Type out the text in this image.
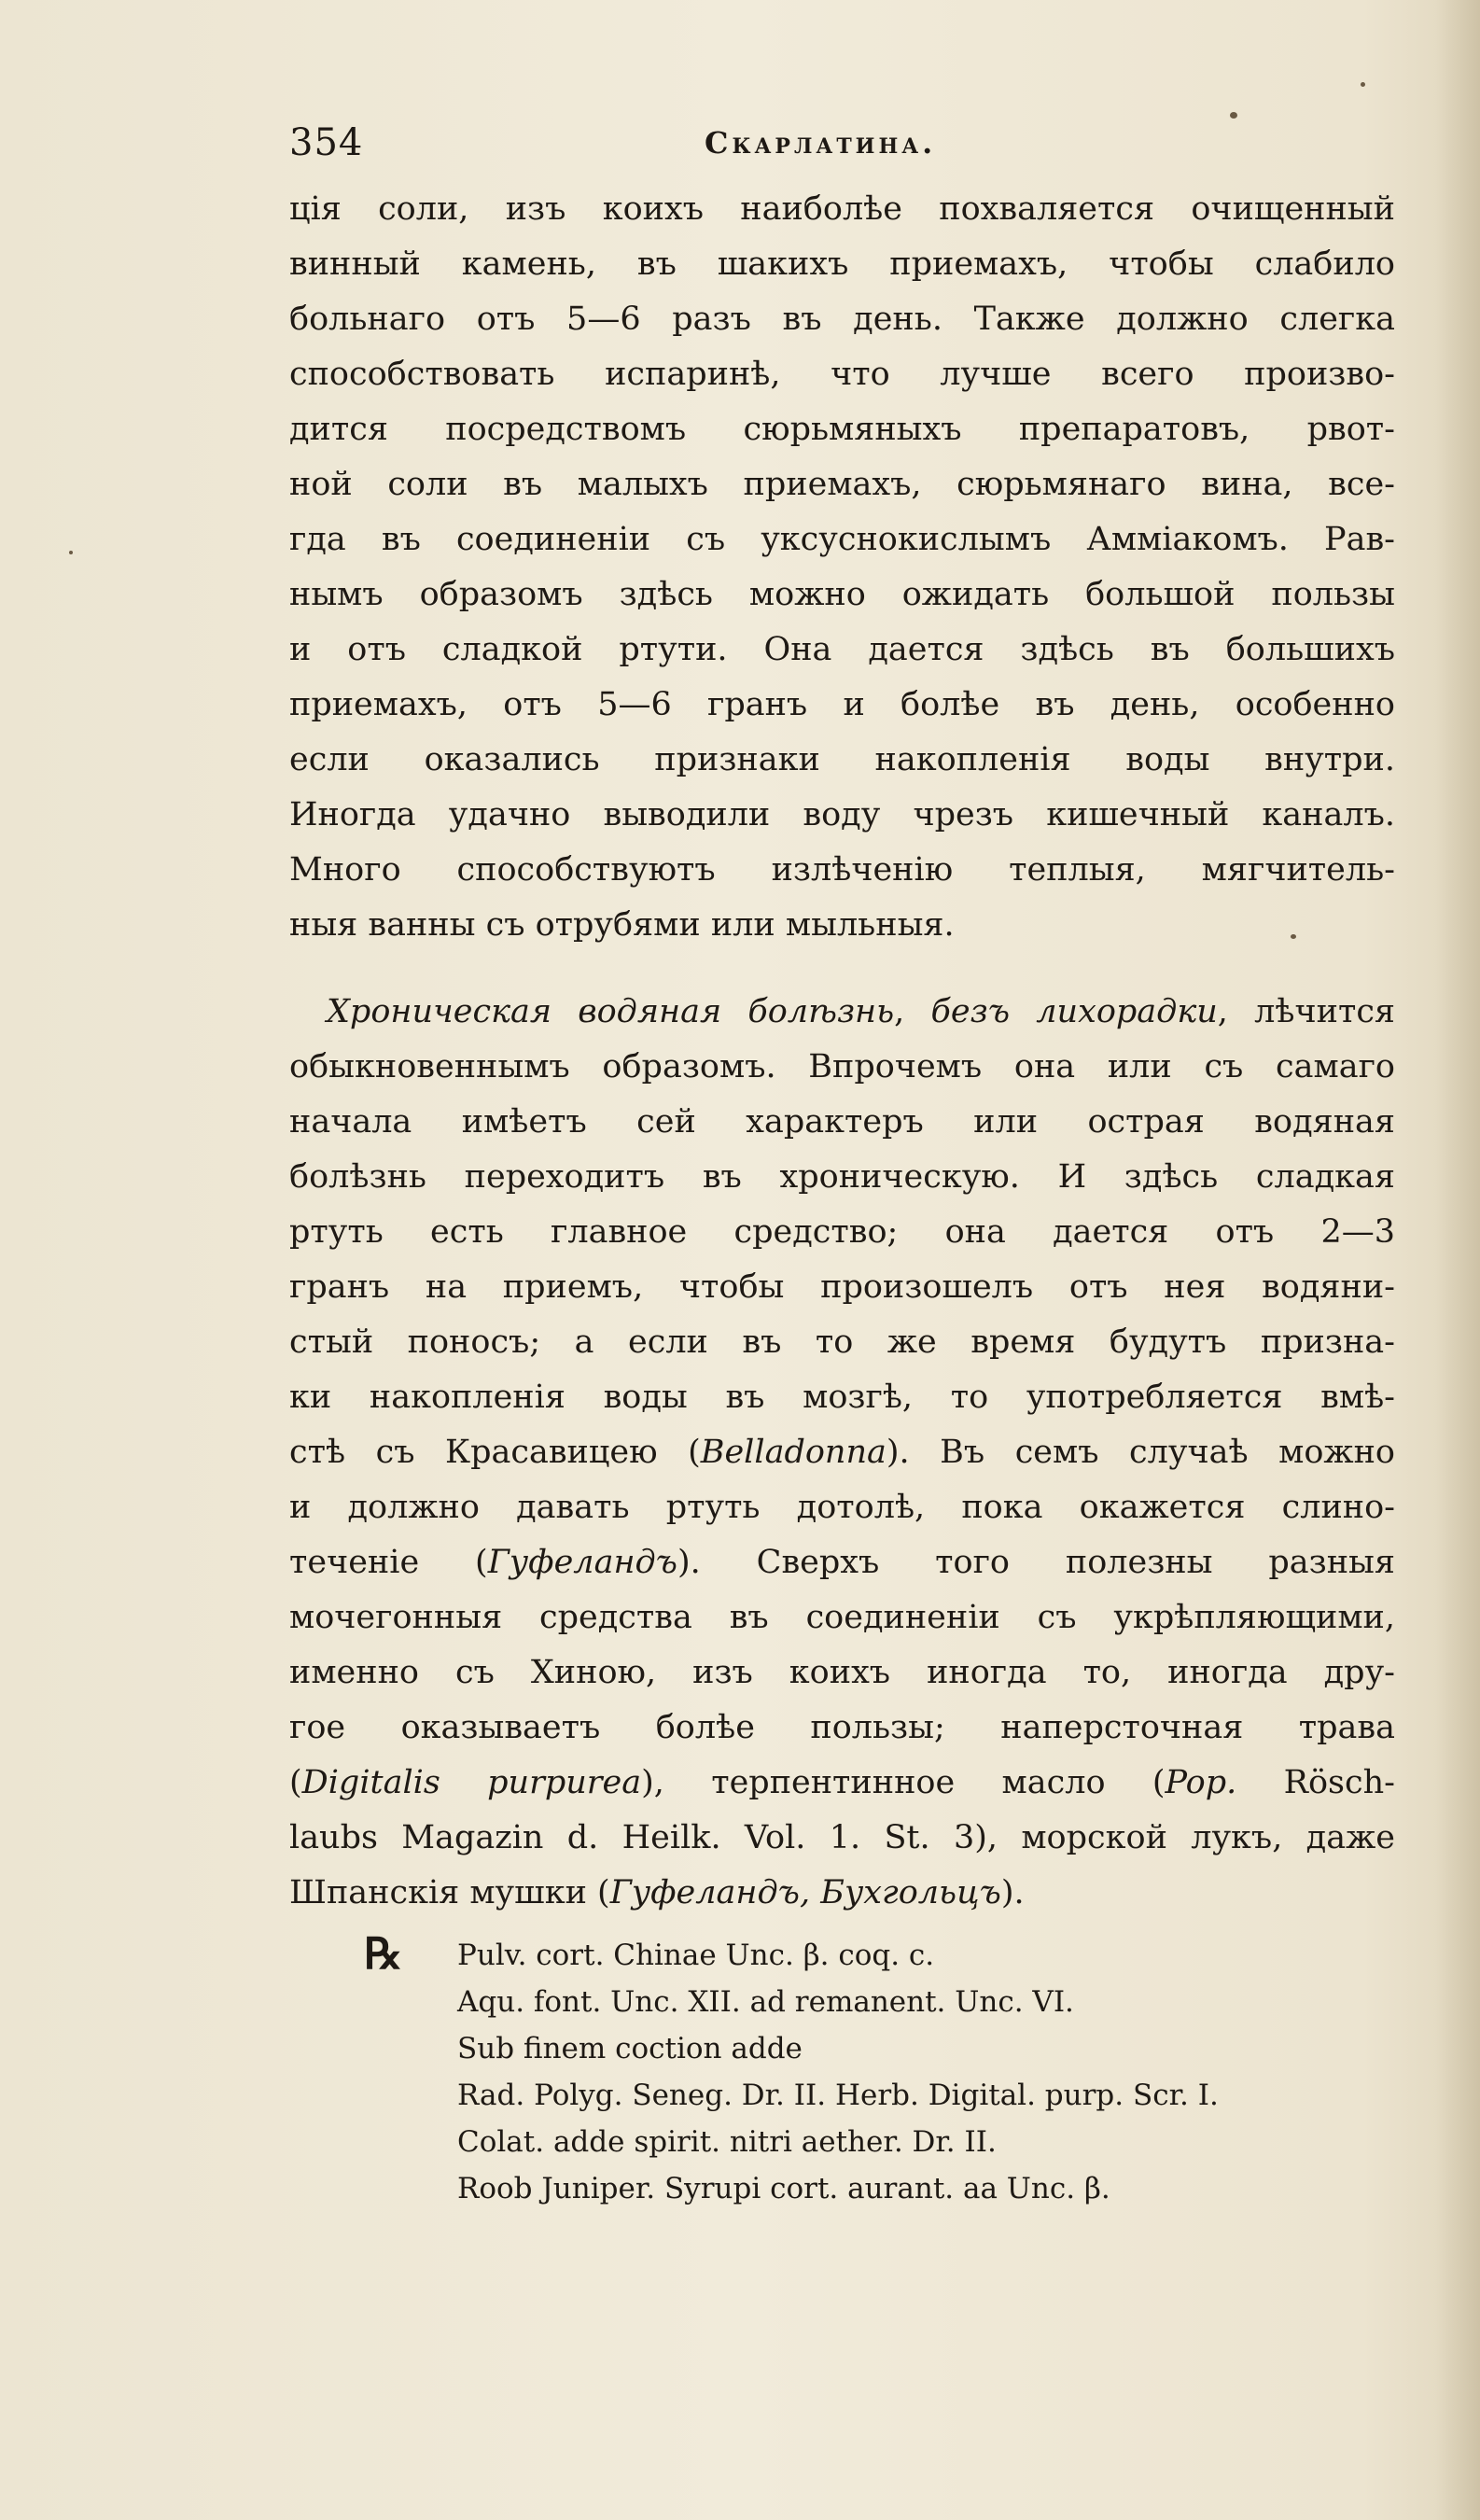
354	Скарлатина.
ція соли, изъ коихъ наиболѣе похваляется очищенный
винный камень, въ шакихъ приемахъ, чтобы слабило
больнаго отъ 5—6 разъ въ день. Также должно слегка
способствовать испаринѣ, что лучше всего произво-
дится посредствомъ сюрьмяныхъ препаратовъ, рвот-
ной соли въ малыхъ приемахъ, сюрьмянаго вина, все-
гда въ соединеніи съ уксуснокислымъ Аммiакомъ. Рав-
нымъ образомъ здѣсь можно ожидать большой пользы
и отъ сладкой ртути. Она дается здѣсь въ большихъ
приемахъ, отъ 5—6 гранъ и болѣе въ день, особенно
если оказались признаки накопленія воды внутри.
Иногда удачно выводили воду чрезъ кишечный каналъ.
Много способствуютъ излѣченію теплыя, мягчитель-
ныя ванны съ отрубями или мыльныя.
Хроническая водяная болѣзнь, безъ лихорадки, лѣчится
обыкновеннымъ образомъ. Впрочемъ она или съ самаго
начала имѣетъ сей характеръ или острая водяная
болѣзнь переходитъ въ хроническую. И здѣсь сладкая
ртуть есть главное средство; она дается отъ 2—3
гранъ на приемъ, чтобы произошелъ отъ нея водяни-
стый поносъ; а если въ то же время будутъ призна-
ки накопленія воды въ мозгѣ, то употребляется вмѣ-
стѣ съ Красавицею (Belladonna). Въ семъ случаѣ можно
и должно давать ртуть дотолѣ, пока окажется слино-
теченіе (Гуфеландъ). Сверхъ того полезны разныя
мочегонныя средства въ соединеніи съ укрѣпляющими,
именно съ Хиною, изъ коихъ иногда то, иногда дру-
гое оказываетъ болѣе пользы; наперсточная трава
(Digitalis purpurea), терпентинное масло (Pop. Rösch-
laubs Magazin d. Heilk. Vol. 1. St. 3), морской лукъ, даже
Шпанскія мушки (Гуфеландъ, Бухгольцъ).
℞ Pulv. cort. Chinae Unc. β. coq. c.
Aqu. font. Unc. XII. ad remanent. Unc. VI.
Sub finem coction adde
Rad. Polyg. Seneg. Dr. II. Herb. Digital. purp. Scr. I.
Colat. adde spirit. nitri aether. Dr. II.
Roob Juniper. Syrupi cort. aurant. aa Unc. β.
